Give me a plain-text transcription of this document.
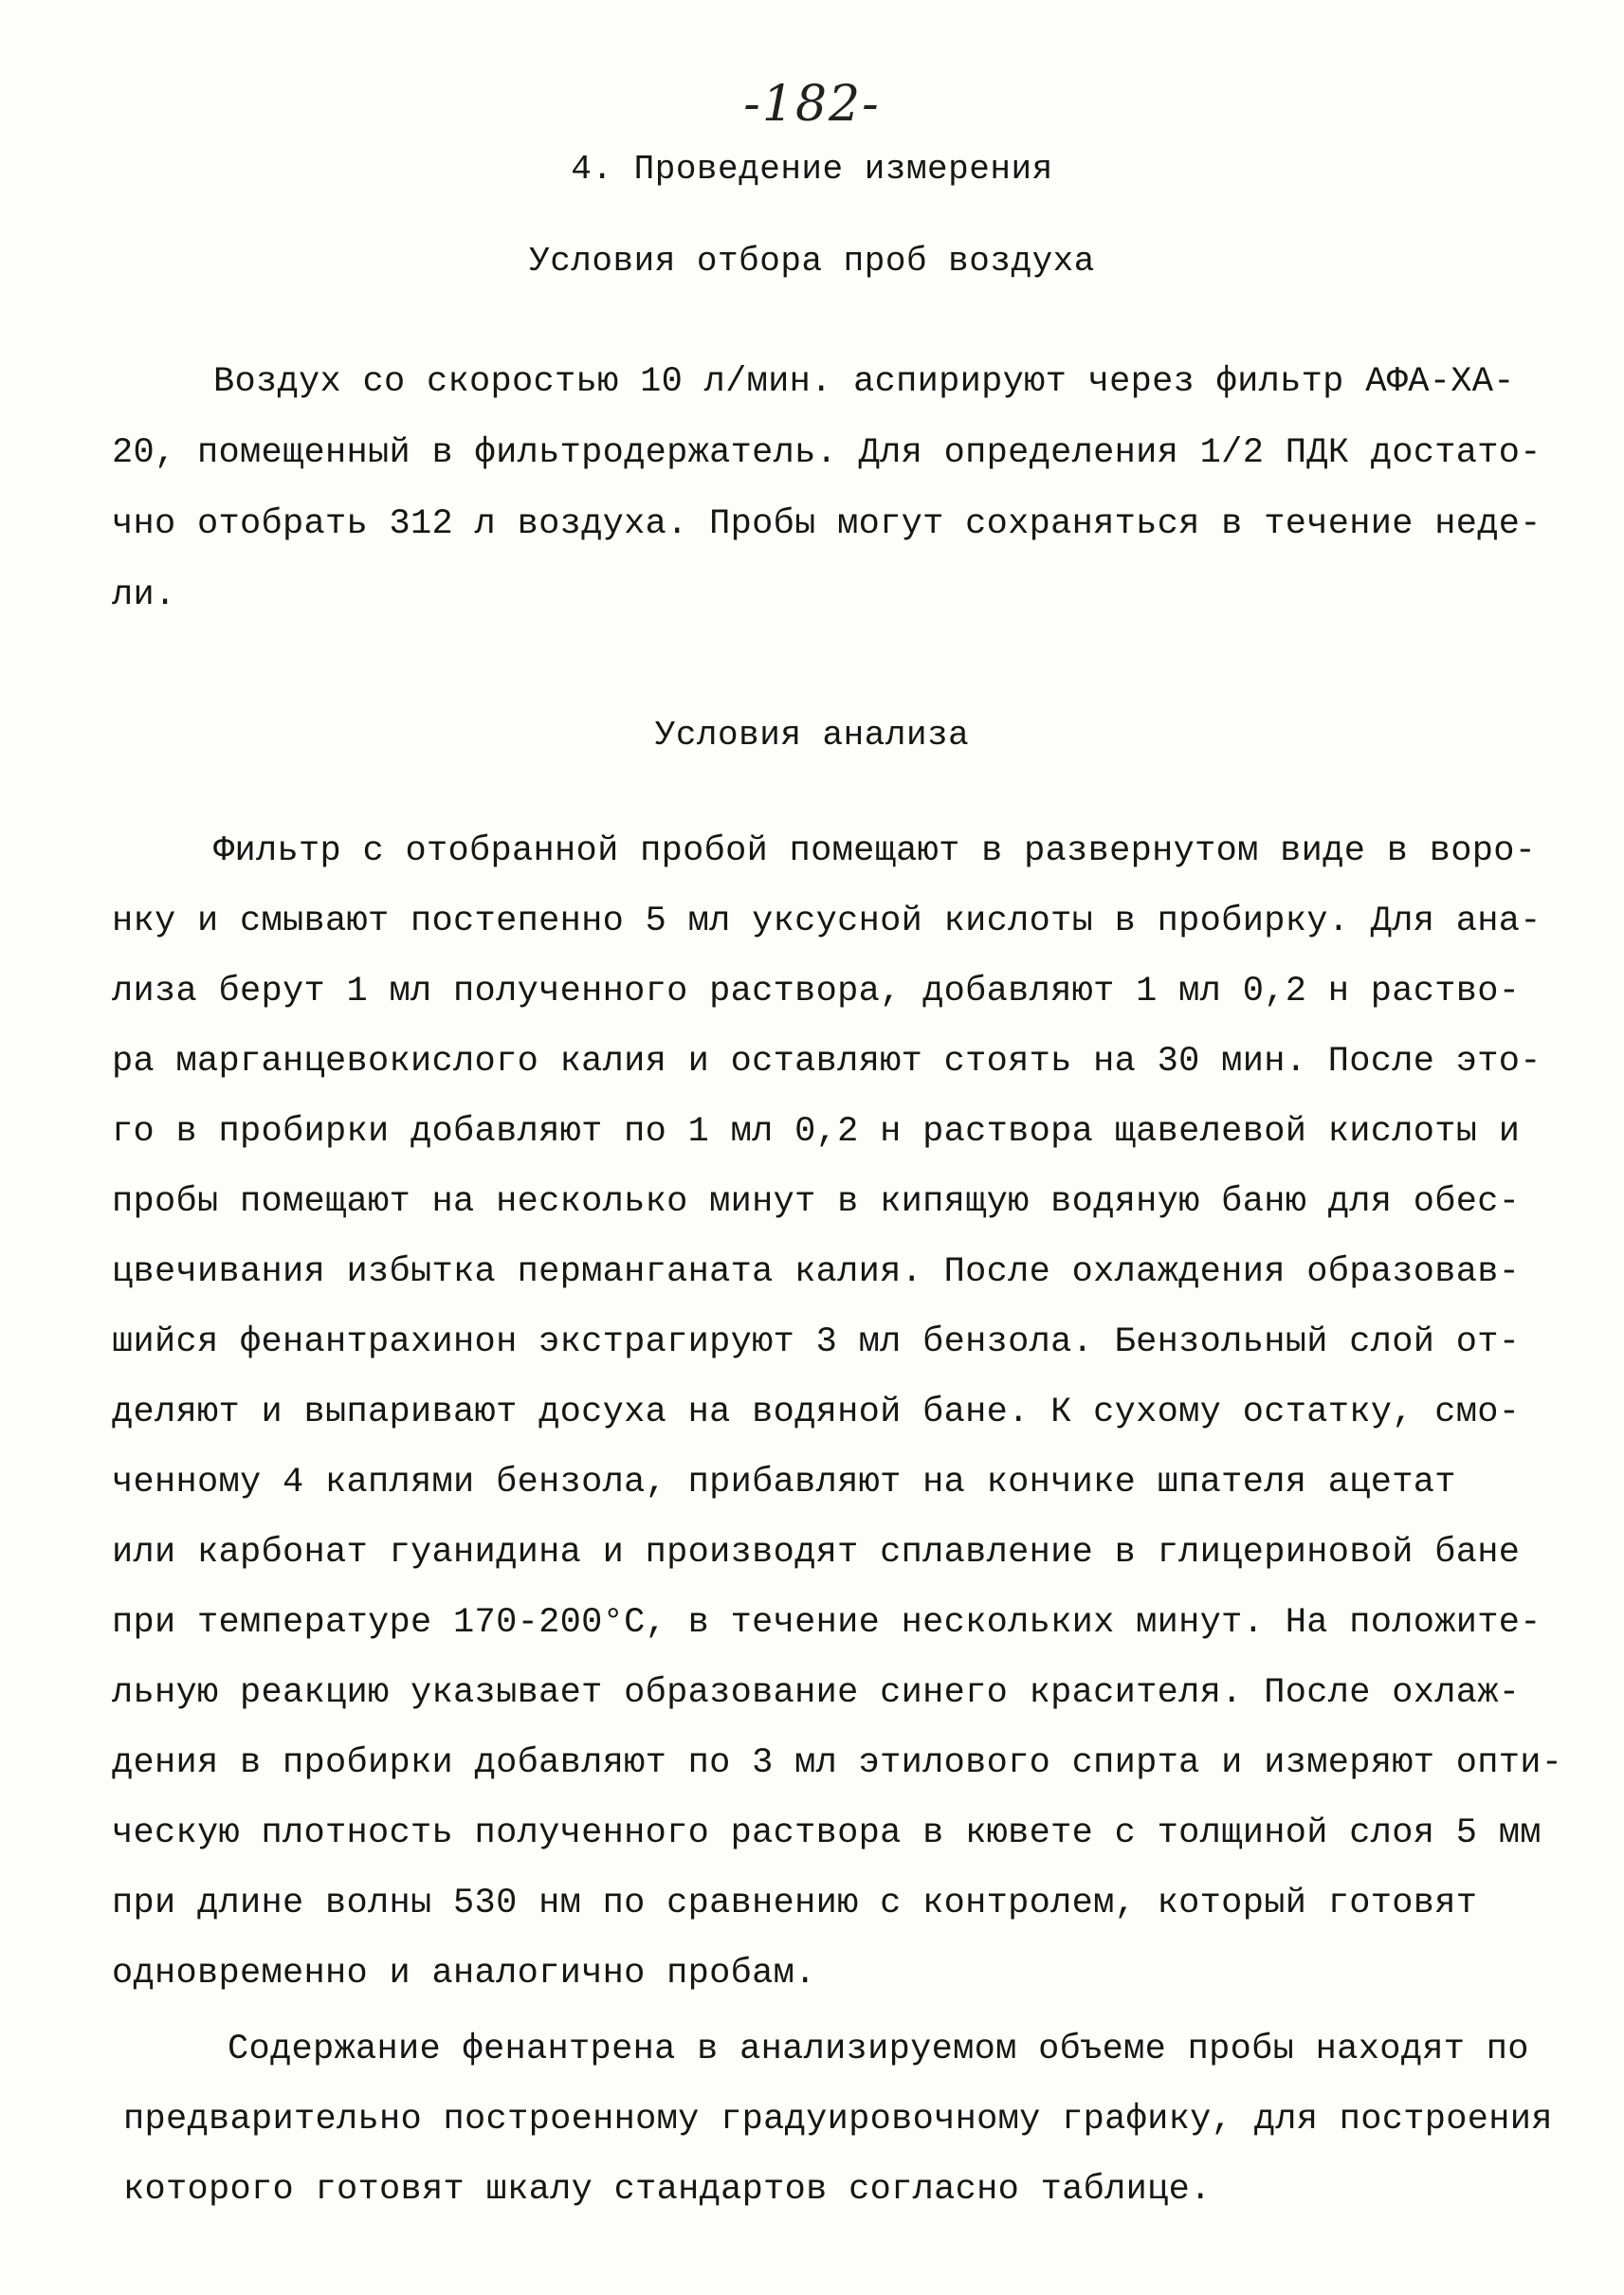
-182-
4. Проведение измерения
Условия отбора проб воздуха
Воздух со скоростью 10 л/мин. аспирируют через фильтр АФА-ХА-
20, помещенный в фильтродержатель. Для определения 1/2 ПДК достато-
чно отобрать 312 л воздуха. Пробы могут сохраняться в течение неде-
ли.
Условия анализа
Фильтр с отобранной пробой помещают в развернутом виде в воро-
нку и смывают постепенно 5 мл уксусной кислоты в пробирку. Для ана-
лиза берут 1 мл полученного раствора, добавляют 1 мл 0,2 н раство-
ра марганцевокислого калия и оставляют стоять на 30 мин. После это-
го в пробирки добавляют по 1 мл 0,2 н раствора щавелевой кислоты и
пробы помещают на несколько минут в кипящую водяную баню для обес-
цвечивания избытка перманганата калия. После охлаждения образовав-
шийся фенантрахинон экстрагируют 3 мл бензола. Бензольный слой от-
деляют и выпаривают досуха на водяной бане. К сухому остатку, смо-
ченному 4 каплями бензола, прибавляют на кончике шпателя ацетат
или карбонат гуанидина и производят сплавление в глицериновой бане
при температуре 170-200°С, в течение нескольких минут. На положите-
льную реакцию указывает образование синего красителя. После охлаж-
дения в пробирки добавляют по 3 мл этилового спирта и измеряют опти-
ческую плотность полученного раствора в кювете с толщиной слоя 5 мм
при длине волны 530 нм по сравнению с контролем, который готовят
одновременно и аналогично пробам.
Содержание фенантрена в анализируемом объеме пробы находят по
предварительно построенному градуировочному графику, для построения
которого готовят шкалу стандартов согласно таблице.
